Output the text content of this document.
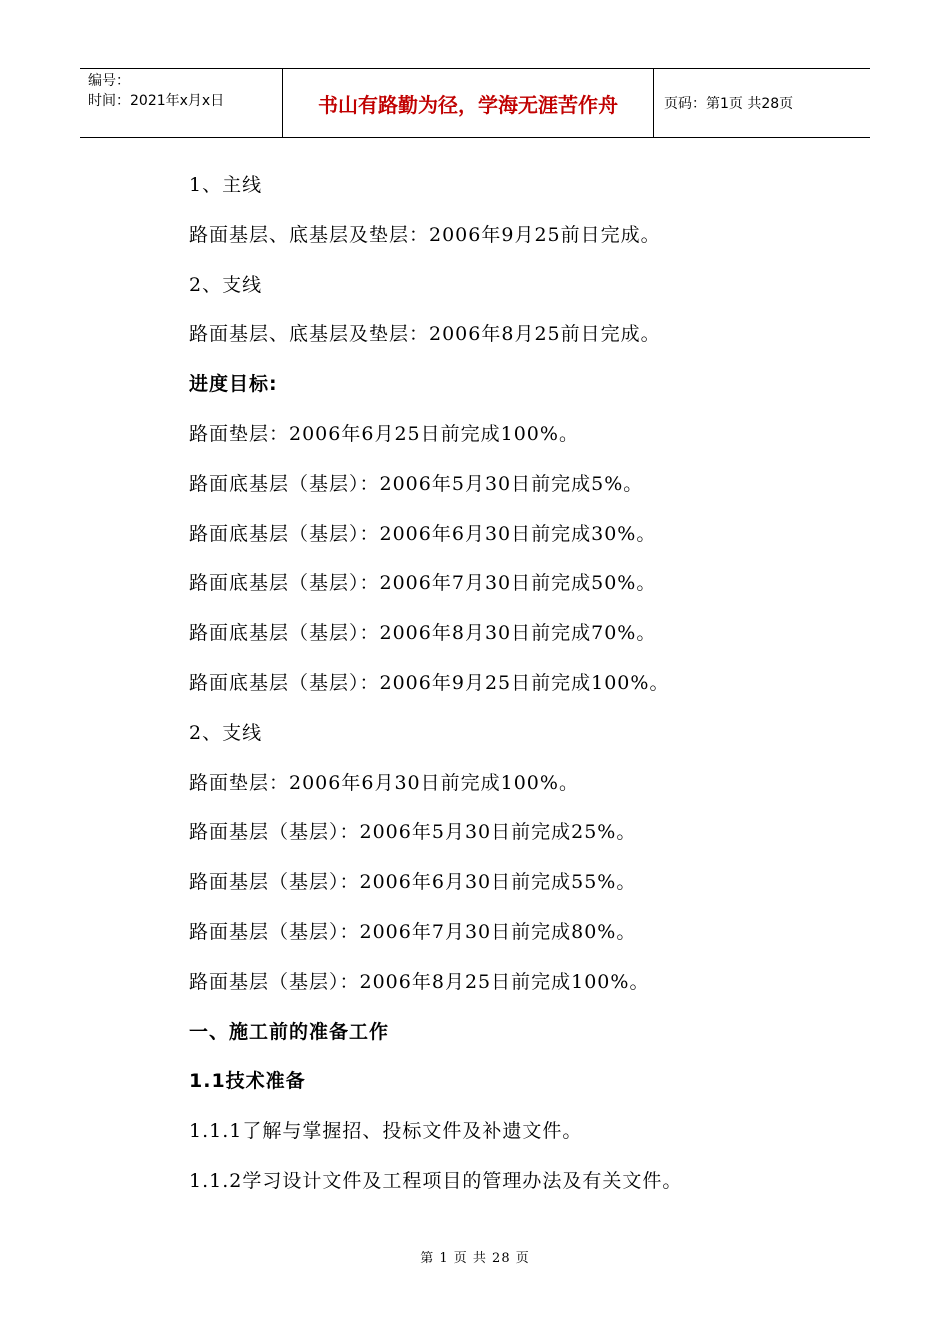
编号：
时间：2021年x月x日	书山有路勤为径，学海无涯苦作舟	页码：第1页 共28页
1、主线
路面基层、底基层及垫层：2006年9月25前日完成。
2、支线
路面基层、底基层及垫层：2006年8月25前日完成。
进度目标:
路面垫层：2006年6月25日前完成100%。
路面底基层（基层）：2006年5月30日前完成5%。
路面底基层（基层）：2006年6月30日前完成30%。
路面底基层（基层）：2006年7月30日前完成50%。
路面底基层（基层）：2006年8月30日前完成70%。
路面底基层（基层）：2006年9月25日前完成100%。
2、支线
路面垫层：2006年6月30日前完成100%。
路面基层（基层）：2006年5月30日前完成25%。
路面基层（基层）：2006年6月30日前完成55%。
路面基层（基层）：2006年7月30日前完成80%。
路面基层（基层）：2006年8月25日前完成100%。
一、施工前的准备工作
1.1技术准备
1.1.1了解与掌握招、投标文件及补遗文件。
1.1.2学习设计文件及工程项目的管理办法及有关文件。
第 1 页 共 28 页
